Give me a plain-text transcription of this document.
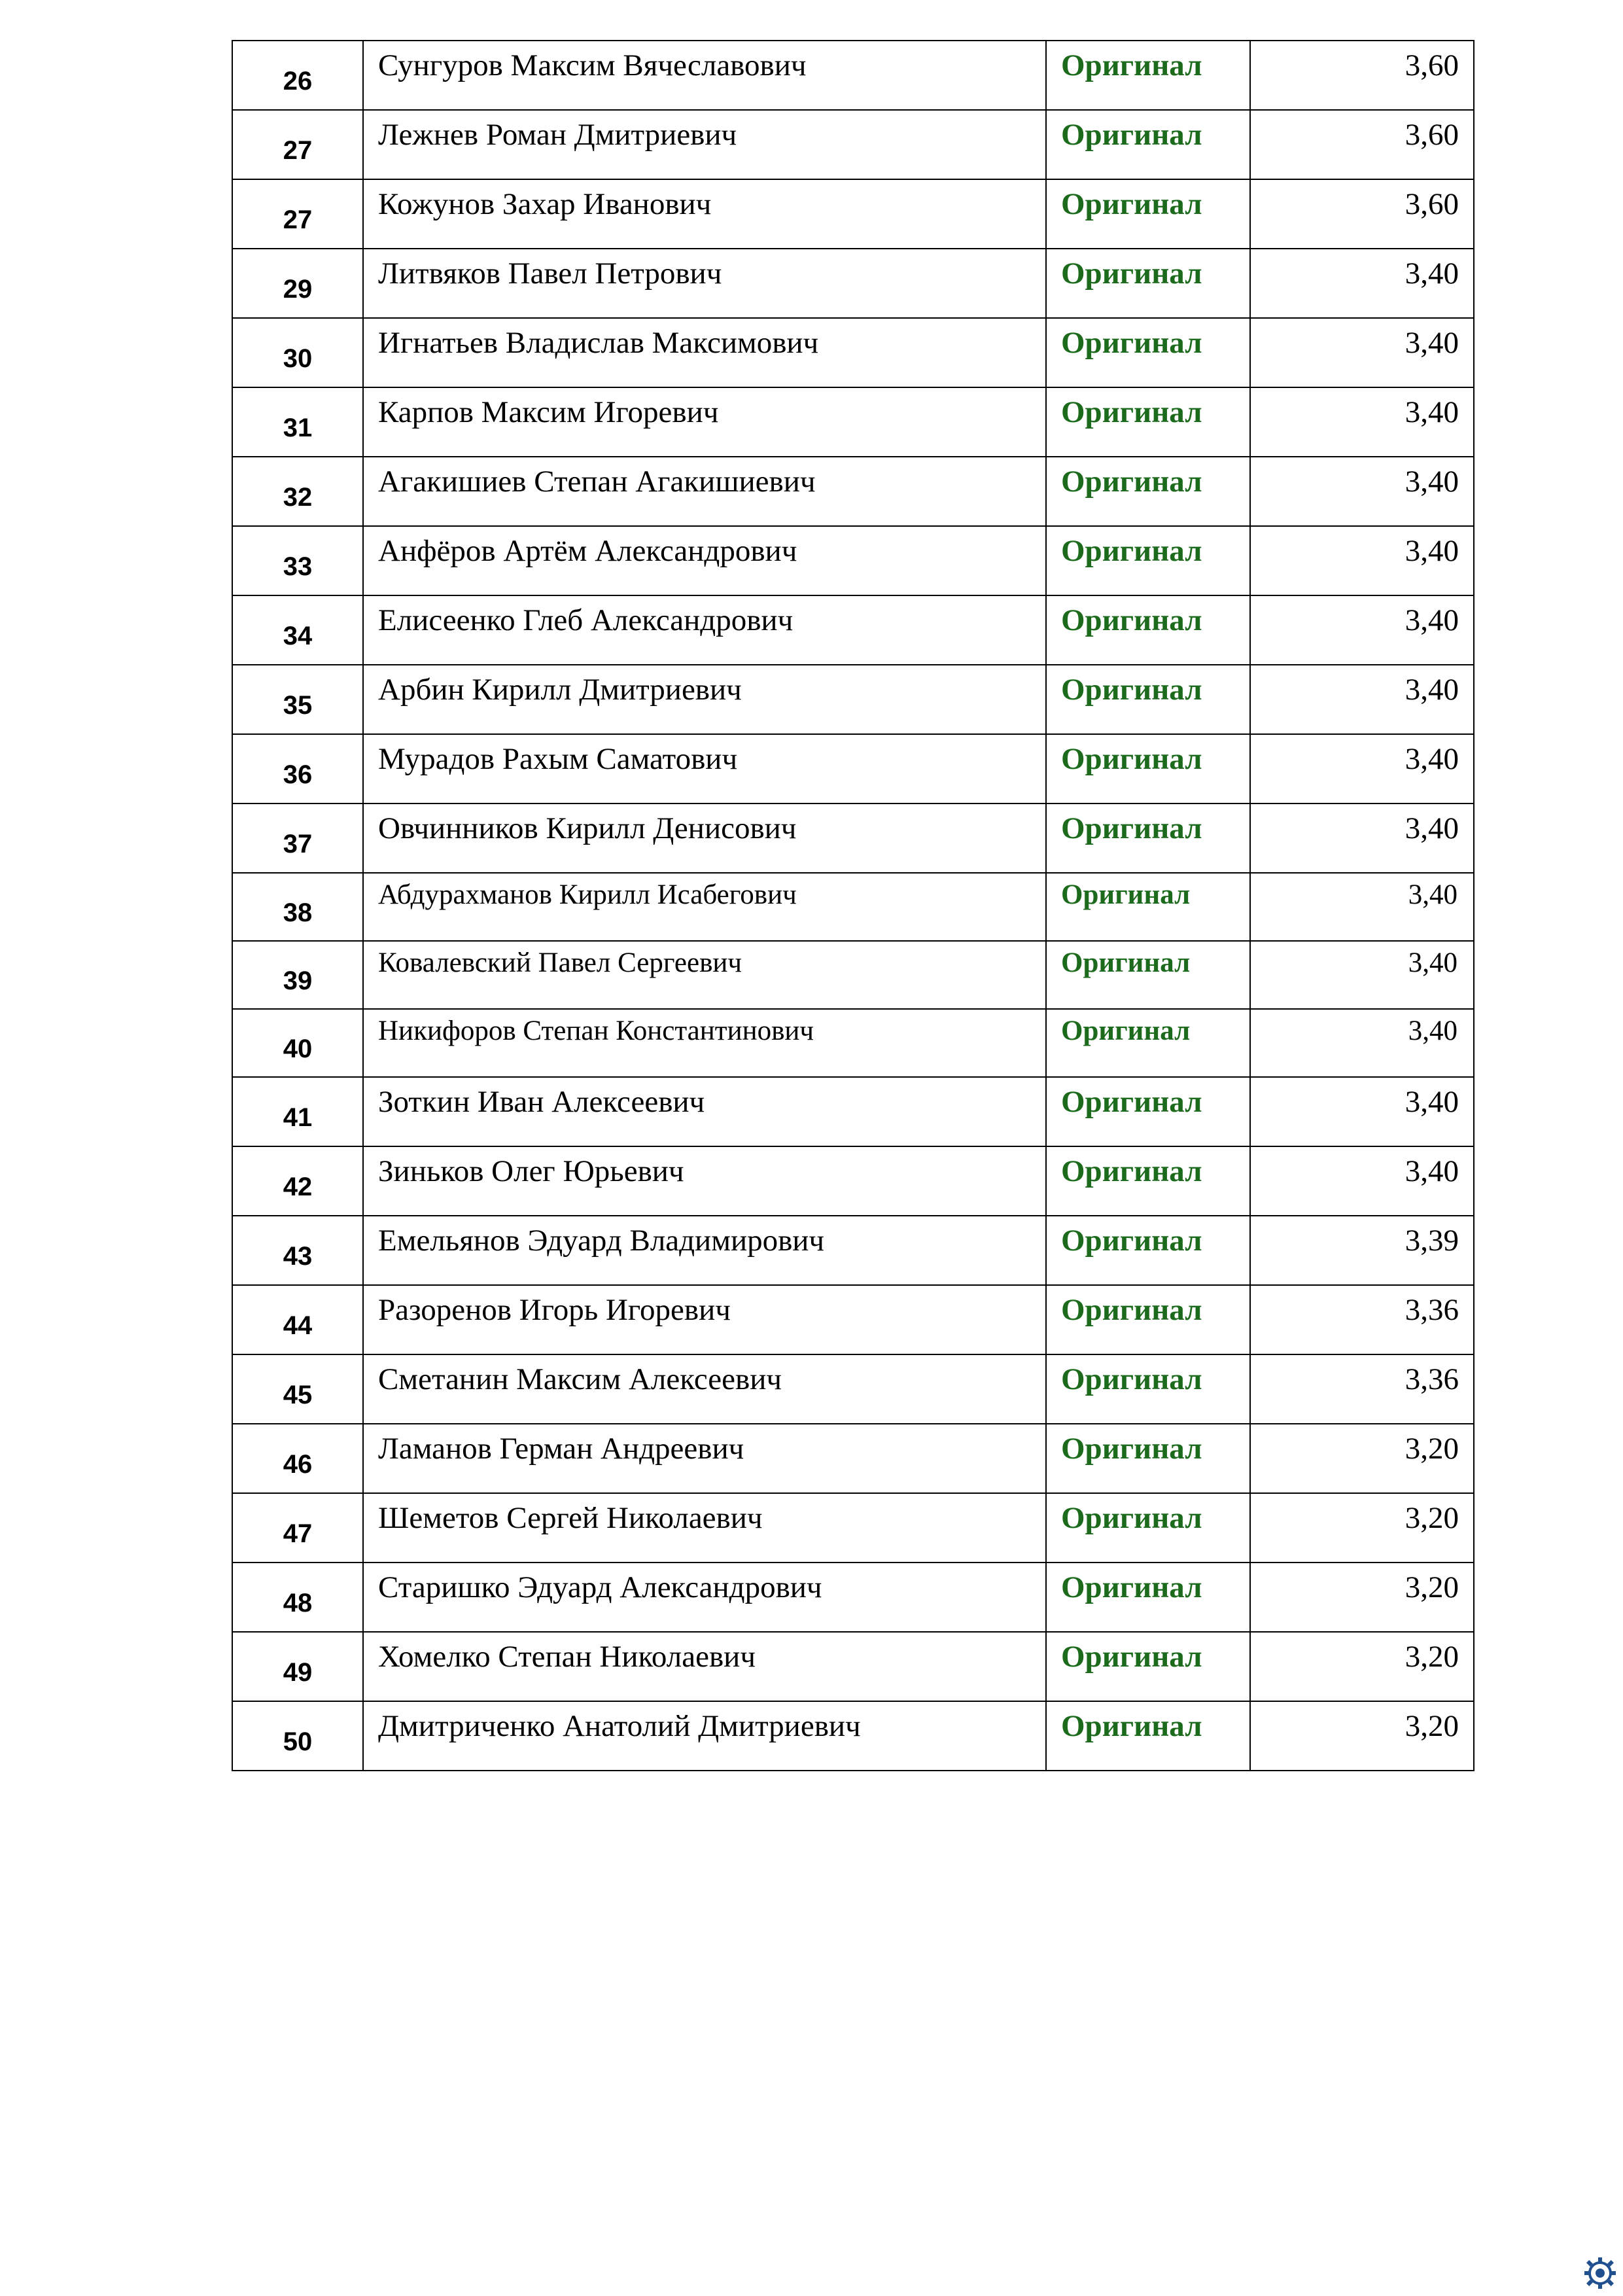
26	Сунгуров Максим Вячеславович	Оригинал	3,60
27	Лежнев Роман Дмитриевич	Оригинал	3,60
27	Кожунов Захар Иванович	Оригинал	3,60
29	Литвяков Павел Петрович	Оригинал	3,40
30	Игнатьев Владислав Максимович	Оригинал	3,40
31	Карпов Максим Игоревич	Оригинал	3,40
32	Агакишиев Степан Агакишиевич	Оригинал	3,40
33	Анфёров Артём Александрович	Оригинал	3,40
34	Елисеенко Глеб Александрович	Оригинал	3,40
35	Арбин Кирилл Дмитриевич	Оригинал	3,40
36	Мурадов Рахым Саматович	Оригинал	3,40
37	Овчинников Кирилл Денисович	Оригинал	3,40
38	Абдурахманов Кирилл Исабегович	Оригинал	3,40
39	Ковалевский Павел Сергеевич	Оригинал	3,40
40	Никифоров Степан Константинович	Оригинал	3,40
41	Зоткин Иван Алексеевич	Оригинал	3,40
42	Зиньков Олег Юрьевич	Оригинал	3,40
43	Емельянов Эдуард Владимирович	Оригинал	3,39
44	Разоренов Игорь Игоревич	Оригинал	3,36
45	Сметанин Максим Алексеевич	Оригинал	3,36
46	Ламанов Герман Андреевич	Оригинал	3,20
47	Шеметов Сергей Николаевич	Оригинал	3,20
48	Старишко Эдуард Александрович	Оригинал	3,20
49	Хомелко Степан Николаевич	Оригинал	3,20
50	Дмитриченко Анатолий Дмитриевич	Оригинал	3,20
